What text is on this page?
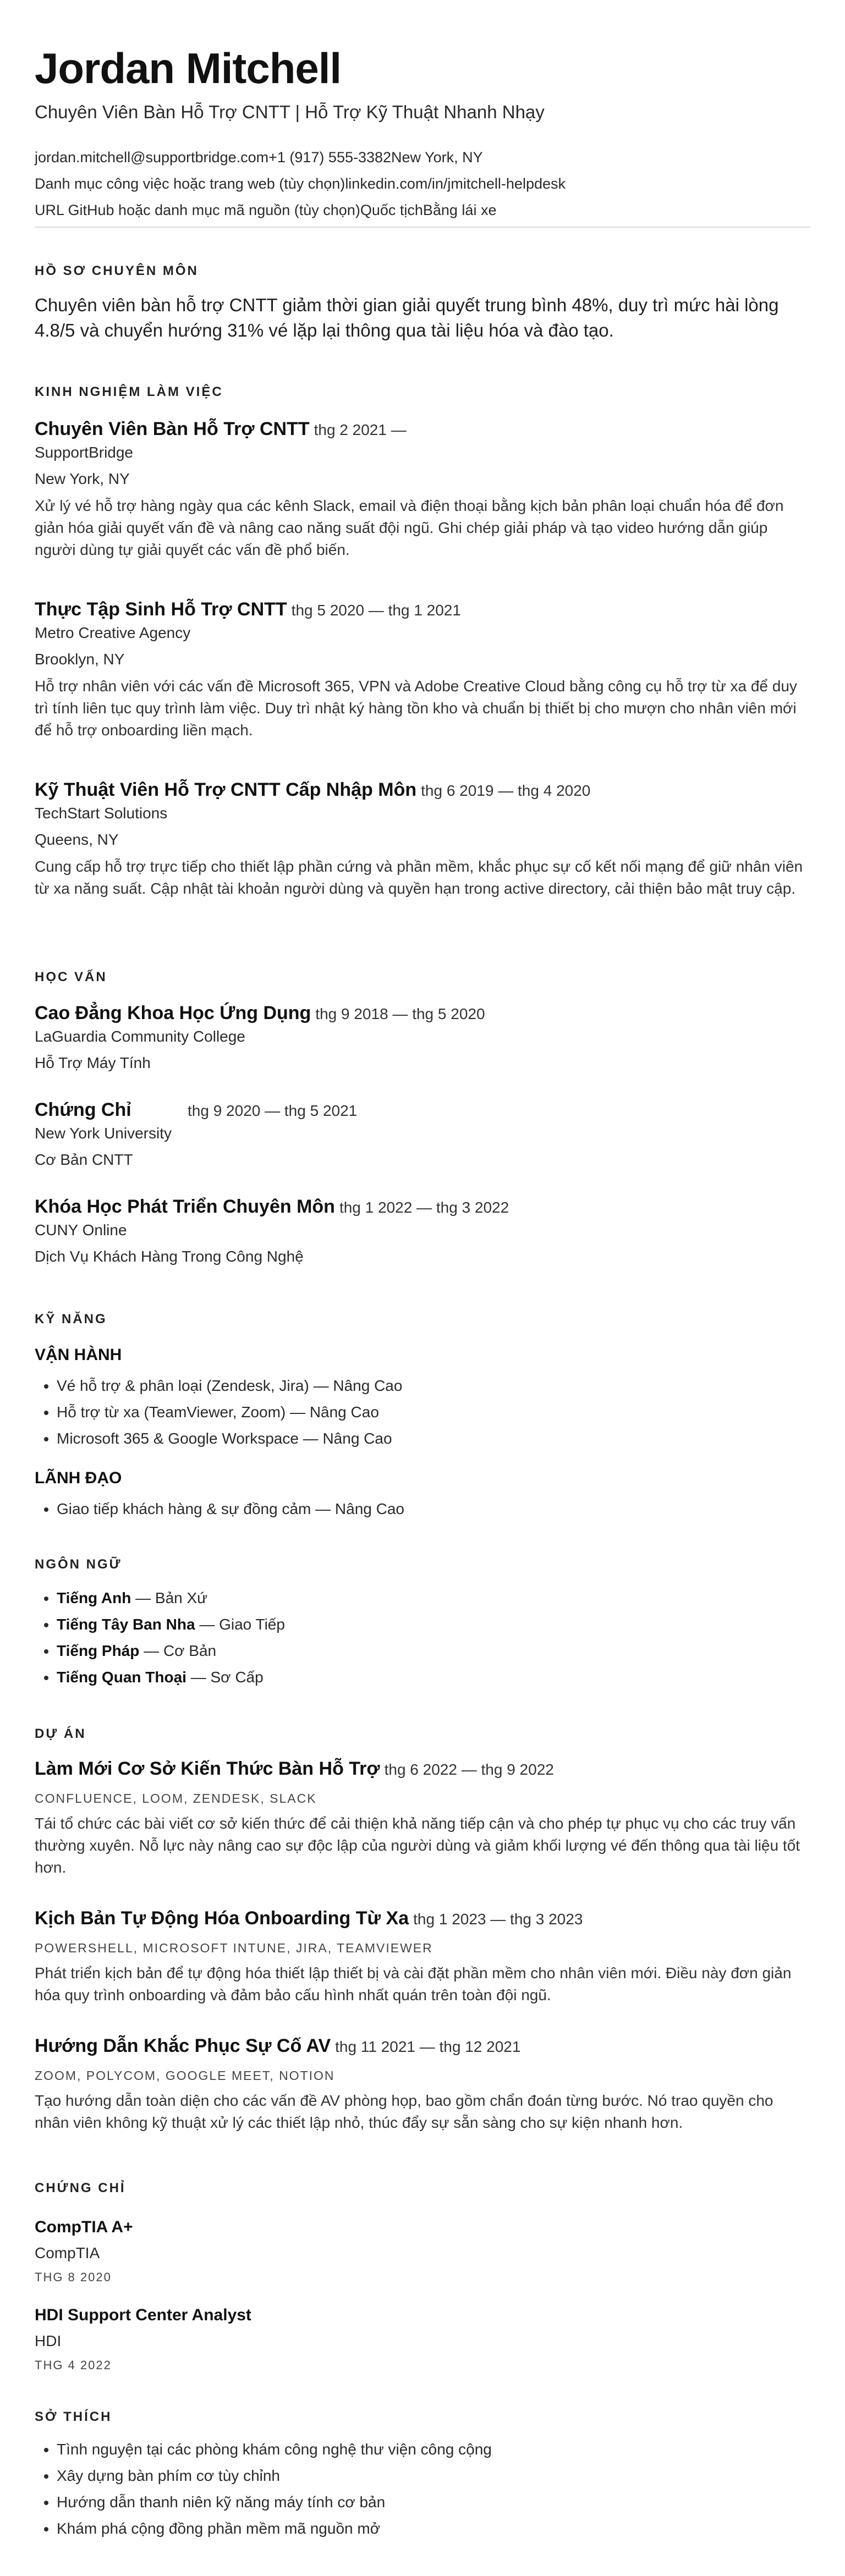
Jordan Mitchell
Chuyên Viên Bàn Hỗ Trợ CNTT | Hỗ Trợ Kỹ Thuật Nhanh Nhạy
jordan.mitchell@supportbridge.com+1 (917) 555-3382New York, NY
Danh mục công việc hoặc trang web (tùy chọn)linkedin.com/in/jmitchell-helpdesk
URL GitHub hoặc danh mục mã nguồn (tùy chọn)Quốc tịchBằng lái xe
HỒ SƠ CHUYÊN MÔN
Chuyên viên bàn hỗ trợ CNTT giảm thời gian giải quyết trung bình 48%, duy trì mức hài lòng 4.8/5 và chuyển hướng 31% vé lặp lại thông qua tài liệu hóa và đào tạo.
KINH NGHIỆM LÀM VIỆC
Chuyên Viên Bàn Hỗ Trợ CNTT thg 2 2021 —
SupportBridge
New York, NY
Xử lý vé hỗ trợ hàng ngày qua các kênh Slack, email và điện thoại bằng kịch bản phân loại chuẩn hóa để đơn giản hóa giải quyết vấn đề và nâng cao năng suất đội ngũ. Ghi chép giải pháp và tạo video hướng dẫn giúp người dùng tự giải quyết các vấn đề phổ biến.
Thực Tập Sinh Hỗ Trợ CNTT thg 5 2020 — thg 1 2021
Metro Creative Agency
Brooklyn, NY
Hỗ trợ nhân viên với các vấn đề Microsoft 365, VPN và Adobe Creative Cloud bằng công cụ hỗ trợ từ xa để duy trì tính liên tục quy trình làm việc. Duy trì nhật ký hàng tồn kho và chuẩn bị thiết bị cho mượn cho nhân viên mới để hỗ trợ onboarding liền mạch.
Kỹ Thuật Viên Hỗ Trợ CNTT Cấp Nhập Môn thg 6 2019 — thg 4 2020
TechStart Solutions
Queens, NY
Cung cấp hỗ trợ trực tiếp cho thiết lập phần cứng và phần mềm, khắc phục sự cố kết nối mạng để giữ nhân viên từ xa năng suất. Cập nhật tài khoản người dùng và quyền hạn trong active directory, cải thiện bảo mật truy cập.
HỌC VẤN
Cao Đẳng Khoa Học Ứng Dụng thg 9 2018 — thg 5 2020
LaGuardia Community College
Hỗ Trợ Máy Tính
Chứng Chỉ	thg 9 2020 — thg 5 2021
New York University
Cơ Bản CNTT
Khóa Học Phát Triển Chuyên Môn thg 1 2022 — thg 3 2022
CUNY Online
Dịch Vụ Khách Hàng Trong Công Nghệ
KỸ NĂNG
VẬN HÀNH
• Vé hỗ trợ & phân loại (Zendesk, Jira) — Nâng Cao
• Hỗ trợ từ xa (TeamViewer, Zoom) — Nâng Cao
• Microsoft 365 & Google Workspace — Nâng Cao
LÃNH ĐẠO
• Giao tiếp khách hàng & sự đồng cảm — Nâng Cao
NGÔN NGỮ
• Tiếng Anh — Bản Xứ
• Tiếng Tây Ban Nha — Giao Tiếp
• Tiếng Pháp — Cơ Bản
• Tiếng Quan Thoại — Sơ Cấp
DỰ ÁN
Làm Mới Cơ Sở Kiến Thức Bàn Hỗ Trợ thg 6 2022 — thg 9 2022
CONFLUENCE, LOOM, ZENDESK, SLACK
Tái tổ chức các bài viết cơ sở kiến thức để cải thiện khả năng tiếp cận và cho phép tự phục vụ cho các truy vấn thường xuyên. Nỗ lực này nâng cao sự độc lập của người dùng và giảm khối lượng vé đến thông qua tài liệu tốt hơn.
Kịch Bản Tự Động Hóa Onboarding Từ Xa thg 1 2023 — thg 3 2023
POWERSHELL, MICROSOFT INTUNE, JIRA, TEAMVIEWER
Phát triển kịch bản để tự động hóa thiết lập thiết bị và cài đặt phần mềm cho nhân viên mới. Điều này đơn giản hóa quy trình onboarding và đảm bảo cấu hình nhất quán trên toàn đội ngũ.
Hướng Dẫn Khắc Phục Sự Cố AV thg 11 2021 — thg 12 2021
ZOOM, POLYCOM, GOOGLE MEET, NOTION
Tạo hướng dẫn toàn diện cho các vấn đề AV phòng họp, bao gồm chẩn đoán từng bước. Nó trao quyền cho nhân viên không kỹ thuật xử lý các thiết lập nhỏ, thúc đẩy sự sẵn sàng cho sự kiện nhanh hơn.
CHỨNG CHỈ
CompTIA A+
CompTIA
THG 8 2020
HDI Support Center Analyst
HDI
THG 4 2022
SỞ THÍCH
• Tình nguyện tại các phòng khám công nghệ thư viện công cộng
• Xây dựng bàn phím cơ tùy chỉnh
• Hướng dẫn thanh niên kỹ năng máy tính cơ bản
• Khám phá cộng đồng phần mềm mã nguồn mở
